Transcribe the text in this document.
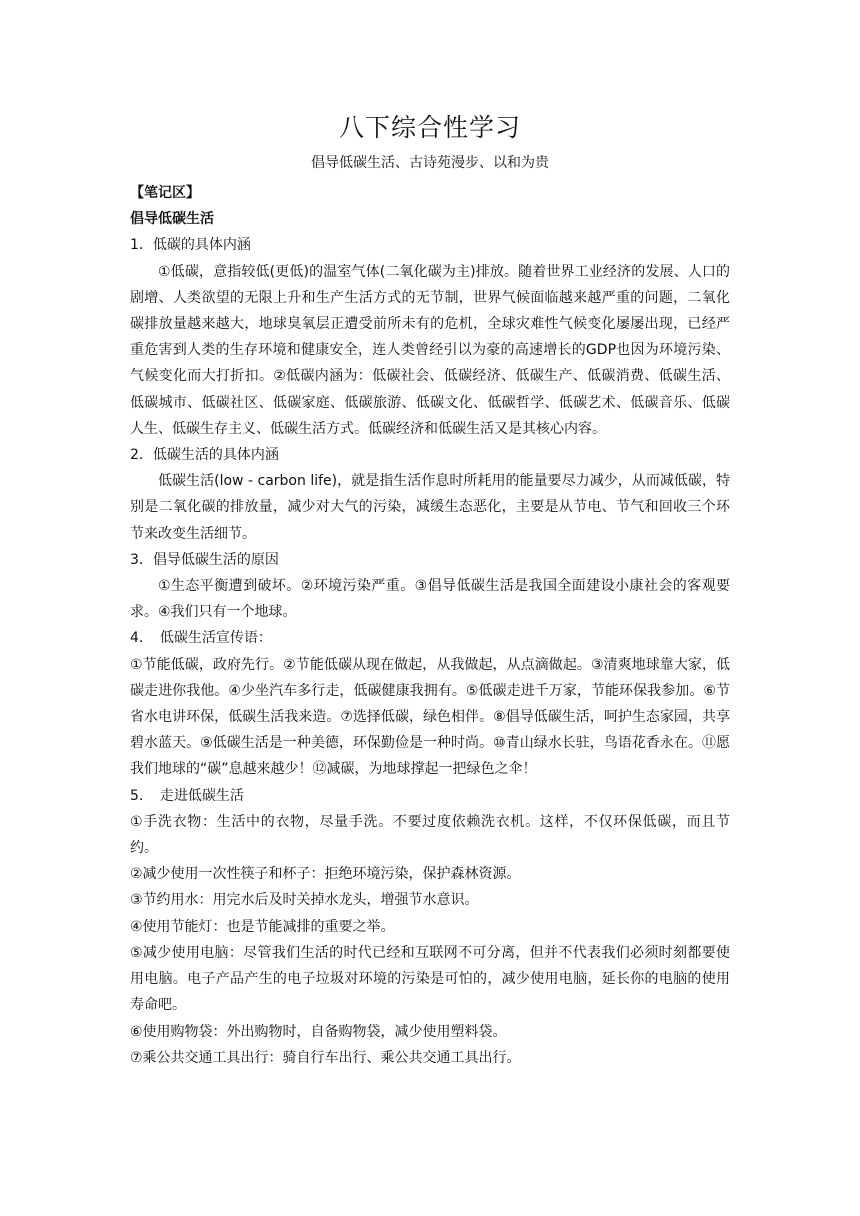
八下综合性学习

倡导低碳生活、古诗苑漫步、以和为贵

【笔记区】

倡导低碳生活

1．低碳的具体内涵

①低碳，意指较低(更低)的温室气体(二氧化碳为主)排放。随着世界工业经济的发展、人口的剧增、人类欲望的无限上升和生产生活方式的无节制，世界气候面临越来越严重的问题，二氧化碳排放量越来越大，地球臭氧层正遭受前所未有的危机，全球灾难性气候变化屡屡出现，已经严重危害到人类的生存环境和健康安全，连人类曾经引以为豪的高速增长的GDP也因为环境污染、气候变化而大打折扣。②低碳内涵为：低碳社会、低碳经济、低碳生产、低碳消费、低碳生活、低碳城市、低碳社区、低碳家庭、低碳旅游、低碳文化、低碳哲学、低碳艺术、低碳音乐、低碳人生、低碳生存主义、低碳生活方式。低碳经济和低碳生活又是其核心内容。

2．低碳生活的具体内涵

低碳生活(low - carbon life)，就是指生活作息时所耗用的能量要尽力减少，从而减低碳，特别是二氧化碳的排放量，减少对大气的污染，减缓生态恶化，主要是从节电、节气和回收三个环节来改变生活细节。

3．倡导低碳生活的原因

①生态平衡遭到破坏。②环境污染严重。③倡导低碳生活是我国全面建设小康社会的客观要求。④我们只有一个地球。

4．　低碳生活宣传语：

①节能低碳，政府先行。②节能低碳从现在做起，从我做起，从点滴做起。③清爽地球靠大家，低碳走进你我他。④少坐汽车多行走，低碳健康我拥有。⑤低碳走进千万家，节能环保我参加。⑥节省水电讲环保，低碳生活我来造。⑦选择低碳，绿色相伴。⑧倡导低碳生活，呵护生态家园，共享碧水蓝天。⑨低碳生活是一种美德，环保勤俭是一种时尚。⑩青山绿水长驻，鸟语花香永在。⑪愿我们地球的“碳”息越来越少！⑫减碳，为地球撑起一把绿色之伞！

5．　走进低碳生活

①手洗衣物：生活中的衣物，尽量手洗。不要过度依赖洗衣机。这样，不仅环保低碳，而且节约。

②减少使用一次性筷子和杯子：拒绝环境污染，保护森林资源。

③节约用水：用完水后及时关掉水龙头，增强节水意识。

④使用节能灯：也是节能减排的重要之举。

⑤减少使用电脑：尽管我们生活的时代已经和互联网不可分离，但并不代表我们必须时刻都要使用电脑。电子产品产生的电子垃圾对环境的污染是可怕的，减少使用电脑，延长你的电脑的使用寿命吧。

⑥使用购物袋：外出购物时，自备购物袋，减少使用塑料袋。

⑦乘公共交通工具出行：骑自行车出行、乘公共交通工具出行。
